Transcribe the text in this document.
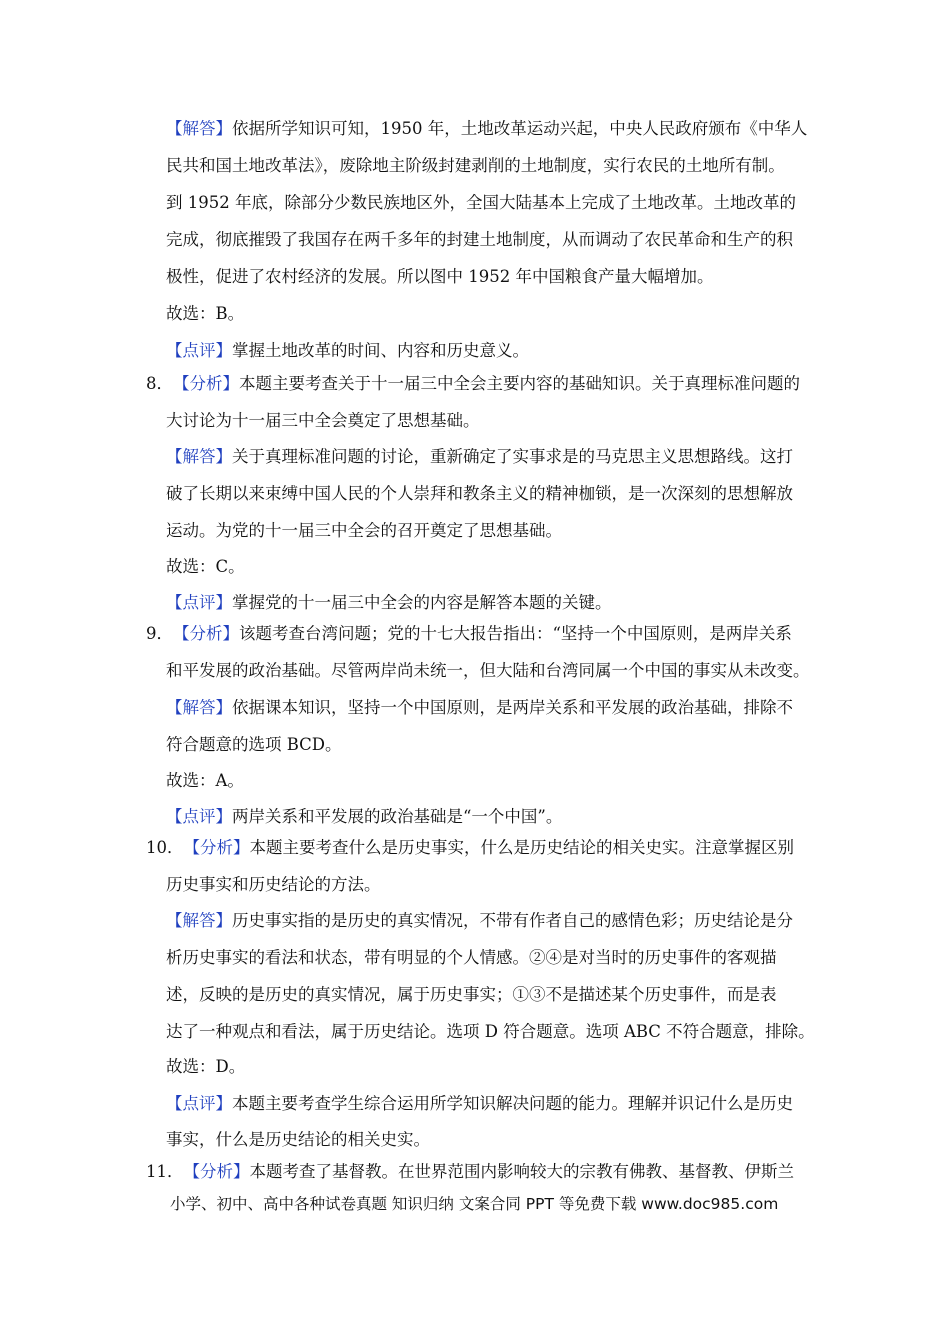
【解答】依据所学知识可知，1950 年，土地改革运动兴起，中央人民政府颁布《中华人
民共和国土地改革法》，废除地主阶级封建剥削的土地制度，实行农民的土地所有制。
到 1952 年底，除部分少数民族地区外，全国大陆基本上完成了土地改革。土地改革的
完成，彻底摧毁了我国存在两千多年的封建土地制度，从而调动了农民革命和生产的积
极性，促进了农村经济的发展。所以图中 1952 年中国粮食产量大幅增加。
故选：B。
【点评】掌握土地改革的时间、内容和历史意义。
8．【分析】本题主要考查关于十一届三中全会主要内容的基础知识。关于真理标准问题的
大讨论为十一届三中全会奠定了思想基础。
【解答】关于真理标准问题的讨论，重新确定了实事求是的马克思主义思想路线。这打
破了长期以来束缚中国人民的个人崇拜和教条主义的精神枷锁，是一次深刻的思想解放
运动。为党的十一届三中全会的召开奠定了思想基础。
故选：C。
【点评】掌握党的十一届三中全会的内容是解答本题的关键。
9．【分析】该题考查台湾问题；党的十七大报告指出：“坚持一个中国原则，是两岸关系
和平发展的政治基础。尽管两岸尚未统一，但大陆和台湾同属一个中国的事实从未改变。
【解答】依据课本知识，坚持一个中国原则，是两岸关系和平发展的政治基础，排除不
符合题意的选项 BCD。
故选：A。
【点评】两岸关系和平发展的政治基础是“一个中国”。
10．【分析】本题主要考查什么是历史事实，什么是历史结论的相关史实。注意掌握区别
历史事实和历史结论的方法。
【解答】历史事实指的是历史的真实情况，不带有作者自己的感情色彩；历史结论是分
析历史事实的看法和状态，带有明显的个人情感。②④是对当时的历史事件的客观描
述，反映的是历史的真实情况，属于历史事实；①③不是描述某个历史事件，而是表
达了一种观点和看法，属于历史结论。选项 D 符合题意。选项 ABC 不符合题意，排除。
故选：D。
【点评】本题主要考查学生综合运用所学知识解决问题的能力。理解并识记什么是历史
事实，什么是历史结论的相关史实。
11．【分析】本题考查了基督教。在世界范围内影响较大的宗教有佛教、基督教、伊斯兰
小学、初中、高中各种试卷真题 知识归纳 文案合同 PPT 等免费下载 www.doc985.com
